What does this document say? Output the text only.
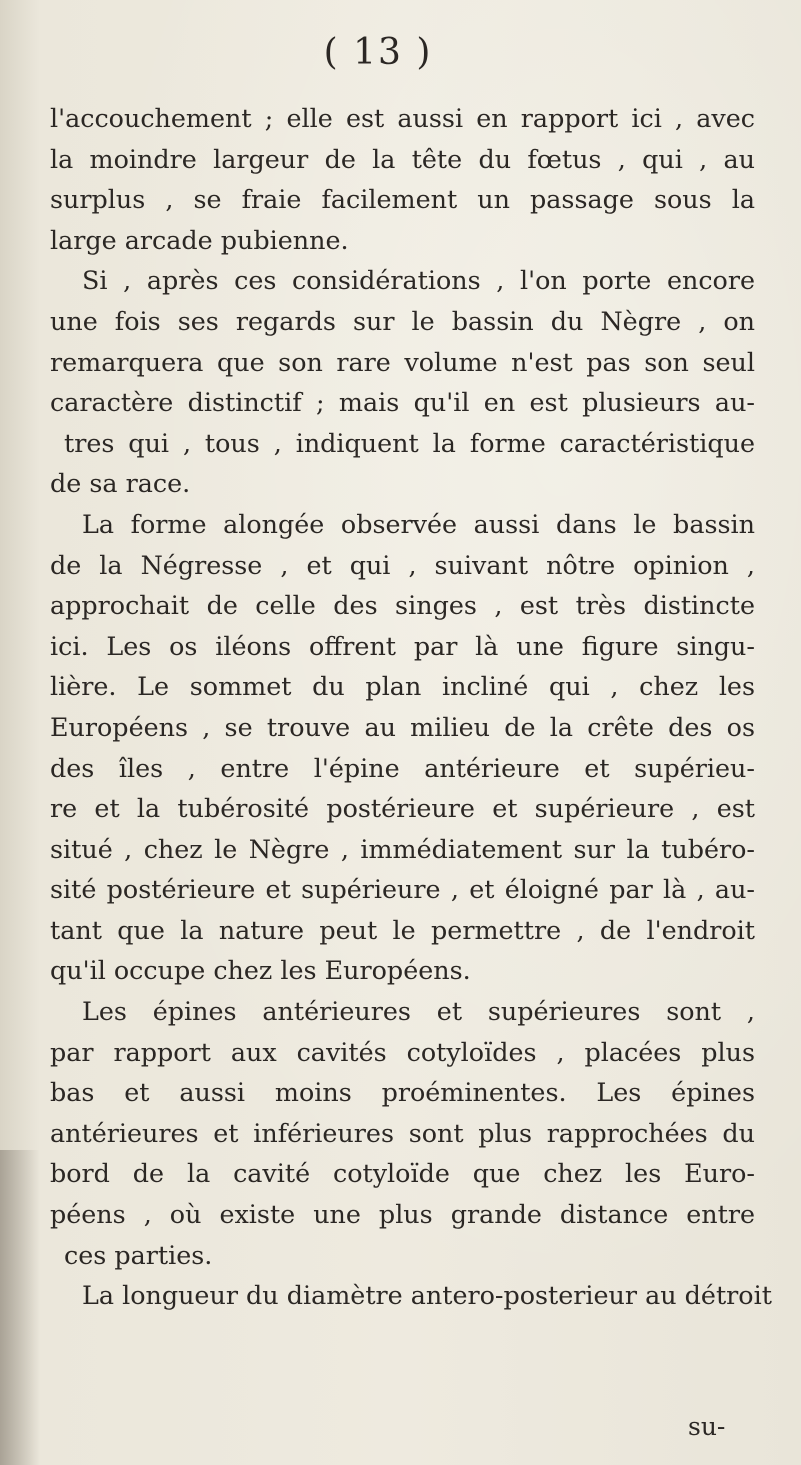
( 13 )
l'accouchement ; elle est aussi en rapport ici , avec
la moindre largeur de la tête du fœtus , qui , au
surplus , se fraie facilement un passage sous la
large arcade pubienne.
Si , après ces considérations , l'on porte encore
une fois ses regards sur le bassin du Nègre , on
remarquera que son rare volume n'est pas son seul
caractère distinctif ; mais qu'il en est plusieurs au-
tres qui , tous , indiquent la forme caractéristique
de sa race.
La forme alongée observée aussi dans le bassin
de la Négresse , et qui , suivant nôtre opinion ,
approchait de celle des singes , est très distincte
ici. Les os iléons offrent par là une figure singu-
lière. Le sommet du plan incliné qui , chez les
Européens , se trouve au milieu de la crête des os
des îles , entre l'épine antérieure et supérieu-
re et la tubérosité postérieure et supérieure , est
situé , chez le Nègre , immédiatement sur la tubéro-
sité postérieure et supérieure , et éloigné par là , au-
tant que la nature peut le permettre , de l'endroit
qu'il occupe chez les Européens.
Les épines antérieures et supérieures sont ,
par rapport aux cavités cotyloïdes , placées plus
bas et aussi moins proéminentes. Les épines
antérieures et inférieures sont plus rapprochées du
bord de la cavité cotyloïde que chez les Euro-
péens , où existe une plus grande distance entre
ces parties.
La longueur du diamètre antero-posterieur au détroit
su-
